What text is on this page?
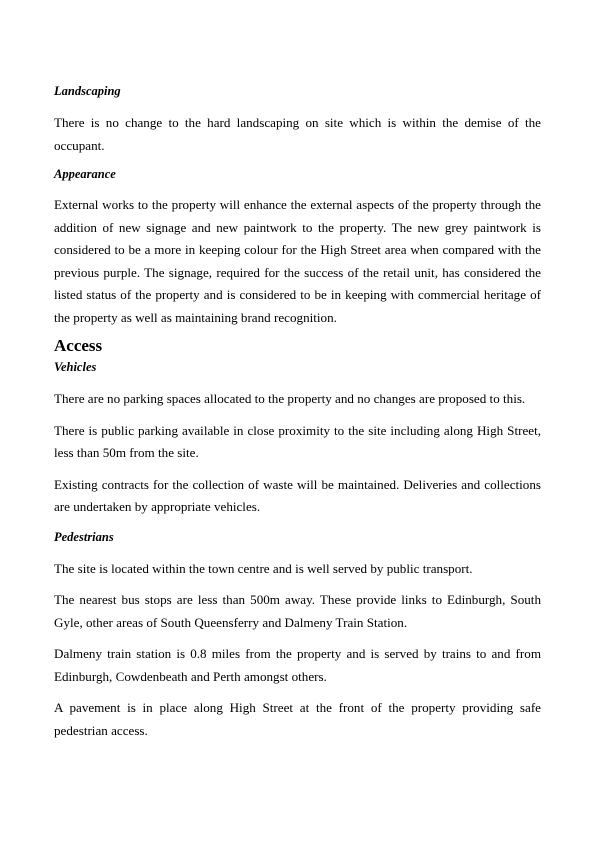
Landscaping

There is no change to the hard landscaping on site which is within the demise of the occupant.

Appearance

External works to the property will enhance the external aspects of the property through the addition of new signage and new paintwork to the property. The new grey paintwork is considered to be a more in keeping colour for the High Street area when compared with the previous purple. The signage, required for the success of the retail unit, has considered the listed status of the property and is considered to be in keeping with commercial heritage of the property as well as maintaining brand recognition.

Access

Vehicles

There are no parking spaces allocated to the property and no changes are proposed to this.

There is public parking available in close proximity to the site including along High Street, less than 50m from the site.

Existing contracts for the collection of waste will be maintained. Deliveries and collections are undertaken by appropriate vehicles.

Pedestrians

The site is located within the town centre and is well served by public transport.

The nearest bus stops are less than 500m away. These provide links to Edinburgh, South Gyle, other areas of South Queensferry and Dalmeny Train Station.

Dalmeny train station is 0.8 miles from the property and is served by trains to and from Edinburgh, Cowdenbeath and Perth amongst others.

A pavement is in place along High Street at the front of the property providing safe pedestrian access.
